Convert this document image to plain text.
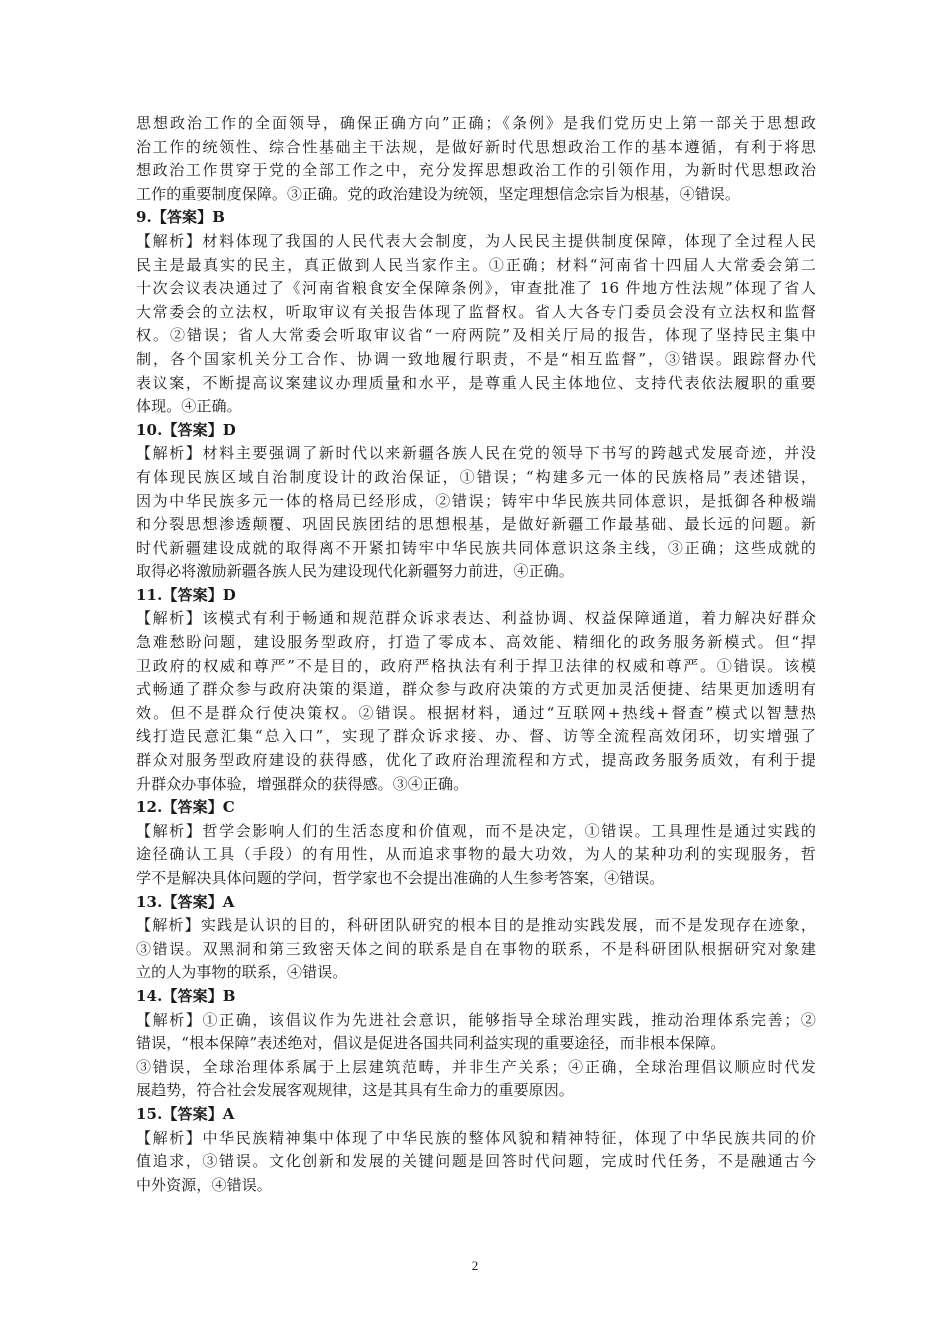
思想政治工作的全面领导，确保正确方向”正确；《条例》是我们党历史上第一部关于思想政
治工作的统领性、综合性基础主干法规，是做好新时代思想政治工作的基本遵循，有利于将思
想政治工作贯穿于党的全部工作之中，充分发挥思想政治工作的引领作用，为新时代思想政治
工作的重要制度保障。③正确。党的政治建设为统领，坚定理想信念宗旨为根基，④错误。
9.【答案】B
【解析】材料体现了我国的人民代表大会制度，为人民民主提供制度保障，体现了全过程人民
民主是最真实的民主，真正做到人民当家作主。①正确；材料“河南省十四届人大常委会第二
十次会议表决通过了《河南省粮食安全保障条例》，审查批准了 16 件地方性法规”体现了省人
大常委会的立法权，听取审议有关报告体现了监督权。省人大各专门委员会没有立法权和监督
权。②错误；省人大常委会听取审议省“一府两院”及相关厅局的报告，体现了坚持民主集中
制，各个国家机关分工合作、协调一致地履行职责，不是“相互监督”，③错误。跟踪督办代
表议案，不断提高议案建议办理质量和水平，是尊重人民主体地位、支持代表依法履职的重要
体现。④正确。
10.【答案】D
【解析】材料主要强调了新时代以来新疆各族人民在党的领导下书写的跨越式发展奇迹，并没
有体现民族区域自治制度设计的政治保证，①错误；“构建多元一体的民族格局”表述错误，
因为中华民族多元一体的格局已经形成，②错误；铸牢中华民族共同体意识，是抵御各种极端
和分裂思想渗透颠覆、巩固民族团结的思想根基，是做好新疆工作最基础、最长远的问题。新
时代新疆建设成就的取得离不开紧扣铸牢中华民族共同体意识这条主线，③正确；这些成就的
取得必将激励新疆各族人民为建设现代化新疆努力前进，④正确。
11.【答案】D
【解析】该模式有利于畅通和规范群众诉求表达、利益协调、权益保障通道，着力解决好群众
急难愁盼问题，建设服务型政府，打造了零成本、高效能、精细化的政务服务新模式。但“捍
卫政府的权威和尊严”不是目的，政府严格执法有利于捍卫法律的权威和尊严。①错误。该模
式畅通了群众参与政府决策的渠道，群众参与政府决策的方式更加灵活便捷、结果更加透明有
效。但不是群众行使决策权。②错误。根据材料，通过“互联网+热线+督查”模式以智慧热
线打造民意汇集“总入口”，实现了群众诉求接、办、督、访等全流程高效闭环，切实增强了
群众对服务型政府建设的获得感，优化了政府治理流程和方式，提高政务服务质效，有利于提
升群众办事体验，增强群众的获得感。③④正确。
12.【答案】C
【解析】哲学会影响人们的生活态度和价值观，而不是决定，①错误。工具理性是通过实践的
途径确认工具（手段）的有用性，从而追求事物的最大功效，为人的某种功利的实现服务，哲
学不是解决具体问题的学问，哲学家也不会提出准确的人生参考答案，④错误。
13.【答案】A
【解析】实践是认识的目的，科研团队研究的根本目的是推动实践发展，而不是发现存在迹象，
③错误。双黑洞和第三致密天体之间的联系是自在事物的联系，不是科研团队根据研究对象建
立的人为事物的联系，④错误。
14.【答案】B
【解析】①正确，该倡议作为先进社会意识，能够指导全球治理实践，推动治理体系完善；②
错误，“根本保障”表述绝对，倡议是促进各国共同利益实现的重要途径，而非根本保障。
③错误，全球治理体系属于上层建筑范畴，并非生产关系；④正确，全球治理倡议顺应时代发
展趋势，符合社会发展客观规律，这是其具有生命力的重要原因。
15.【答案】A
【解析】中华民族精神集中体现了中华民族的整体风貌和精神特征，体现了中华民族共同的价
值追求，③错误。文化创新和发展的关键问题是回答时代问题，完成时代任务，不是融通古今
中外资源，④错误。
2
